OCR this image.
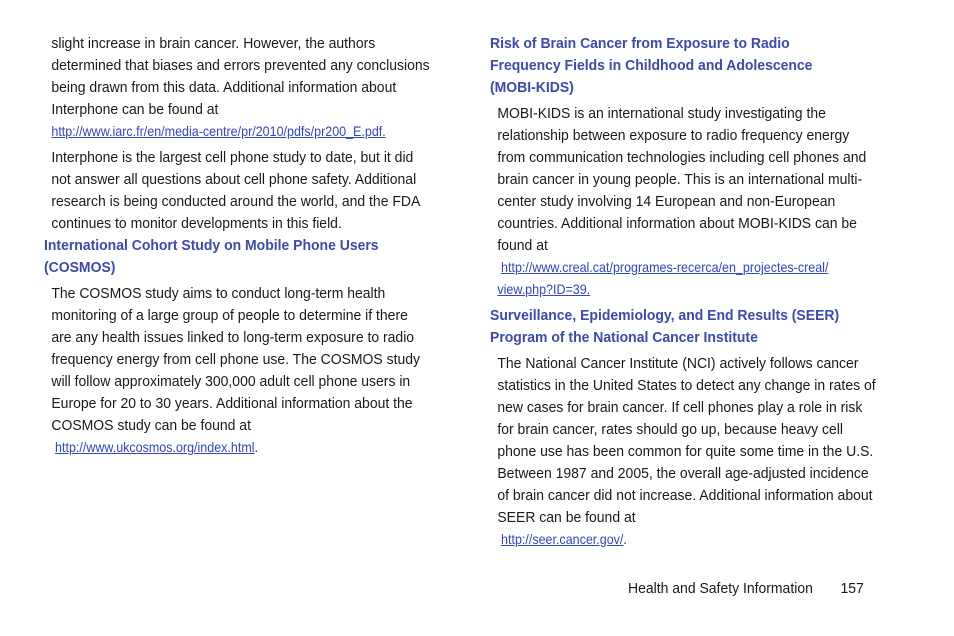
slight increase in brain cancer. However, the authors
determined that biases and errors prevented any conclusions
being drawn from this data. Additional information about
Interphone can be found at

http://www.iarc.fr/en/media-centre/pr/2010/pdfs/pr200_E.pdf.

Interphone is the largest cell phone study to date, but it did
not answer all questions about cell phone safety. Additional
research is being conducted around the world, and the FDA
continues to monitor developments in this field.

International Cohort Study on Mobile Phone Users
(COSMOS)

The COSMOS study aims to conduct long-term health
monitoring of a large group of people to determine if there
are any health issues linked to long-term exposure to radio
frequency energy from cell phone use. The COSMOS study
will follow approximately 300,000 adult cell phone users in
Europe for 20 to 30 years. Additional information about the
COSMOS study can be found at

http://www.ukcosmos.org/index.html.
Risk of Brain Cancer from Exposure to Radio
Frequency Fields in Childhood and Adolescence
(MOBI-KIDS)

MOBI-KIDS is an international study investigating the
relationship between exposure to radio frequency energy
from communication technologies including cell phones and
brain cancer in young people. This is an international multi-
center study involving 14 European and non-European
countries. Additional information about MOBI-KIDS can be
found at

http://www.creal.cat/programes-recerca/en_projectes-creal/
view.php?ID=39.
Surveillance, Epidemiology, and End Results (SEER)
Program of the National Cancer Institute

The National Cancer Institute (NCI) actively follows cancer
statistics in the United States to detect any change in rates of
new cases for brain cancer. If cell phones play a role in risk
for brain cancer, rates should go up, because heavy cell
phone use has been common for quite some time in the U.S.
Between 1987 and 2005, the overall age-adjusted incidence
of brain cancer did not increase. Additional information about
SEER can be found at

http://seer.cancer.gov/.
Health and Safety Information 157
